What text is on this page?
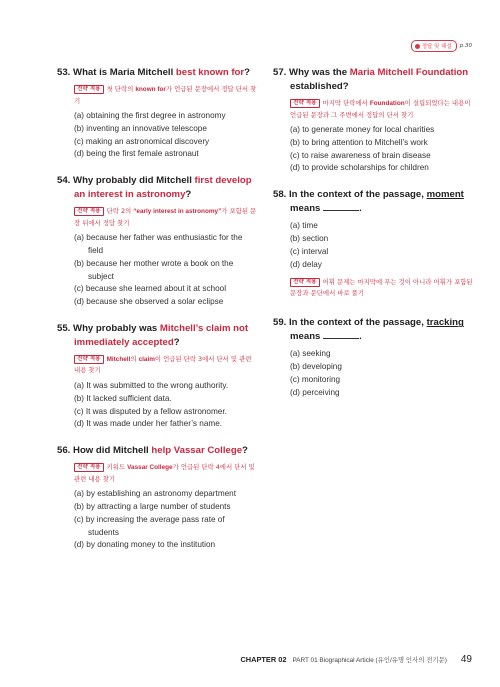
정답 및 해설 p.30
53. What is Maria Mitchell best known for?
전략 적용 첫 단락의 known for가 언급된 문장에서 정답 단서 찾기
(a) obtaining the first degree in astronomy
(b) inventing an innovative telescope
(c) making an astronomical discovery
(d) being the first female astronaut
54. Why probably did Mitchell first develop an interest in astronomy?
전략 적용 단락 2의 “early interest in astronomy”가 포함된 문장 뒤에서 정답 찾기
(a) because her father was enthusiastic for the field
(b) because her mother wrote a book on the subject
(c) because she learned about it at school
(d) because she observed a solar eclipse
55. Why probably was Mitchell’s claim not immediately accepted?
전략 적용 Mitchell의 claim이 언급된 단락 3에서 단서 및 관련 내용 찾기
(a) It was submitted to the wrong authority.
(b) It lacked sufficient data.
(c) It was disputed by a fellow astronomer.
(d) It was made under her father’s name.
56. How did Mitchell help Vassar College?
전략 적용 키워드 Vassar College가 언급된 단락 4에서 단서 및 관련 내용 찾기
(a) by establishing an astronomy department
(b) by attracting a large number of students
(c) by increasing the average pass rate of students
(d) by donating money to the institution
57. Why was the Maria Mitchell Foundation established?
전략 적용 마지막 단락에서 Foundation이 설립되었다는 내용이 언급된 문장과 그 주변에서 정답의 단서 찾기
(a) to generate money for local charities
(b) to bring attention to Mitchell’s work
(c) to raise awareness of brain disease
(d) to provide scholarships for children
58. In the context of the passage, moment means	.
(a) time
(b) section
(c) interval
(d) delay
전략 적용 어휘 문제는 마지막에 푸는 것이 아니라 어휘가 포함된 문장과 문단에서 바로 풀기
59. In the context of the passage, tracking means	.
(a) seeking
(b) developing
(c) monitoring
(d) perceiving
CHAPTER 02 PART 01 Biographical Article (유인/유명 인사의 전기문) 49
